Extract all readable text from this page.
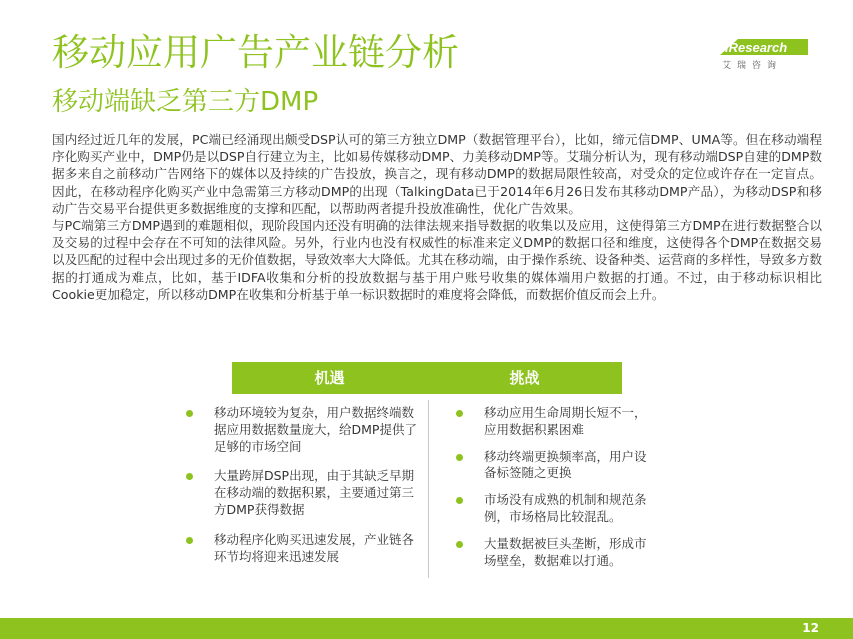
移动应用广告产业链分析
移动端缺乏第三方DMP
iResearch
艾瑞咨询

国内经过近几年的发展，PC端已经涌现出颇受DSP认可的第三方独立DMP（数据管理平台），比如，缔元信DMP、UMA等。但在移动端程序化购买产业中，DMP仍是以DSP自行建立为主，比如易传媒移动DMP、力美移动DMP等。艾瑞分析认为，现有移动端DSP自建的DMP数据多来自之前移动广告网络下的媒体以及持续的广告投放，换言之，现有移动DMP的数据局限性较高，对受众的定位或许存在一定盲点。因此，在移动程序化购买产业中急需第三方移动DMP的出现（TalkingData已于2014年6月26日发布其移动DMP产品），为移动DSP和移动广告交易平台提供更多数据维度的支撑和匹配，以帮助两者提升投放准确性，优化广告效果。

与PC端第三方DMP遇到的难题相似，现阶段国内还没有明确的法律法规来指导数据的收集以及应用，这使得第三方DMP在进行数据整合以及交易的过程中会存在不可知的法律风险。另外，行业内也没有权威性的标准来定义DMP的数据口径和维度，这使得各个DMP在数据交易以及匹配的过程中会出现过多的无价值数据，导致效率大大降低。尤其在移动端，由于操作系统、设备种类、运营商的多样性，导致多方数据的打通成为难点，比如，基于IDFA收集和分析的投放数据与基于用户账号收集的媒体端用户数据的打通。不过，由于移动标识相比Cookie更加稳定，所以移动DMP在收集和分析基于单一标识数据时的难度将会降低，而数据价值反而会上升。

机遇	挑战
移动环境较为复杂，用户数据终端数据应用数据数量庞大，给DMP提供了足够的市场空间
大量跨屏DSP出现，由于其缺乏早期在移动端的数据积累，主要通过第三方DMP获得数据
移动程序化购买迅速发展，产业链各环节均将迎来迅速发展
移动应用生命周期长短不一，应用数据积累困难
移动终端更换频率高，用户设备标签随之更换
市场没有成熟的机制和规范条例，市场格局比较混乱。
大量数据被巨头垄断，形成市场壁垒，数据难以打通。
12
